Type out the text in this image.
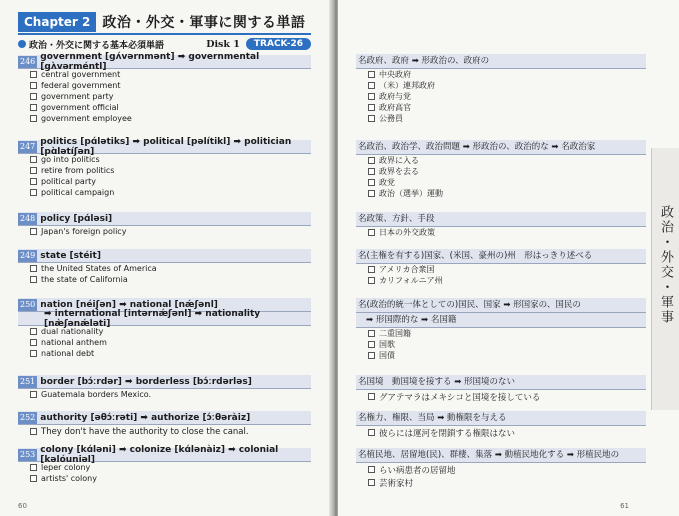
Chapter 2 政治・外交・軍事に関する単語
政治・外交に関する基本必須単語	Disk 1	TRACK-26
246 government [gʌ́vərnmənt] ➡ governmental [gʌ̀vərméntl]
central government
federal government
government party
government official
government employee
247 politics [pɑ́lətiks] ➡ political [pəlítikl] ➡ politician [pɑ̀lətíʃən]
go into politics
retire from politics
political party
political campaign
248 policy [pɑ́ləsi]
Japan's foreign policy
249 state [stéit]
the United States of America
the state of California
250 nation [néiʃən] ➡ national [nǽʃənl]
➡ international [intərnǽʃənl] ➡ nationality [næ̀ʃənǽləti]
dual nationality
national anthem
national debt
251 border [bɔ́ːrdər] ➡ borderless [bɔ́ːrdərləs]
Guatemala borders Mexico.
252 authority [əθɔ́ːrəti] ➡ authorize [ɔ́ːθəràiz]
They don't have the authority to close the canal.
253 colony [kɑ́ləni] ➡ colonize [kɑ́lənàiz] ➡ colonial [kəlóuniəl]
leper colony
artists' colony
60
政治・外交・軍事
名政府、政府 ➡ 形政治の、政府の
中央政府
（米）連邦政府
政府与党
政府高官
公務員
名政治、政治学、政治問題 ➡ 形政治の、政治的な ➡ 名政治家
政界に入る
政界を去る
政党
政治（選挙）運動
名政策、方針、手段
日本の外交政策
名(主権を有する)国家、(米国、豪州の)州　形はっきり述べる
アメリカ合衆国
カリフォルニア州
名(政治的統一体としての)国民、国家 ➡ 形国家の、国民の
➡ 形国際的な ➡ 名国籍
二重国籍
国歌
国債
名国境　動国境を接する ➡ 形国境のない
グアテマラはメキシコと国境を接している
名権力、権限、当局 ➡ 動権限を与える
彼らには運河を閉鎖する権限はない
名植民地、居留地(民)、群棲、集落 ➡ 動植民地化する ➡ 形植民地の
らい病患者の居留地
芸術家村
61
